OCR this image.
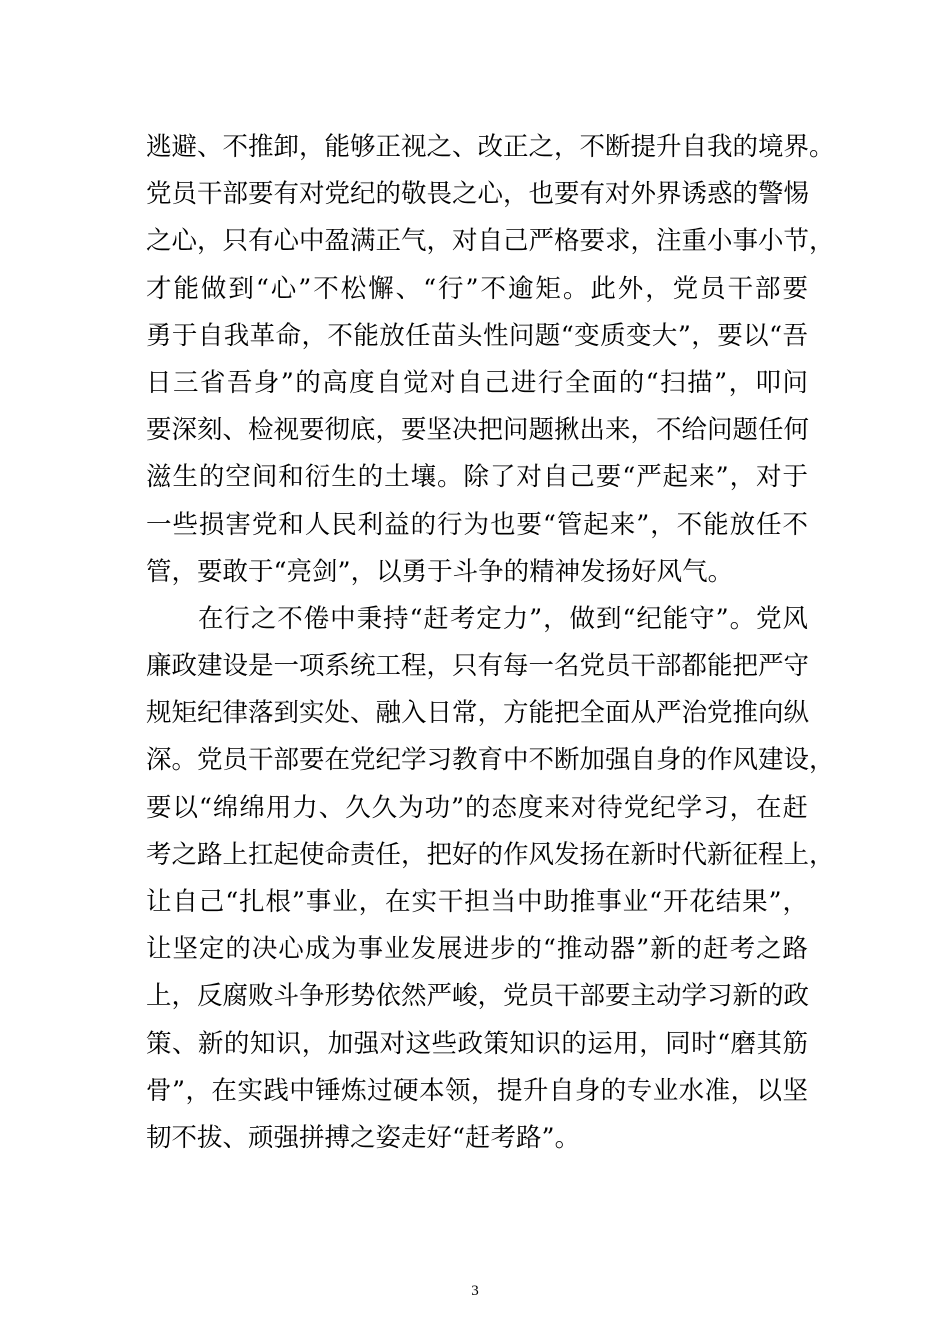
逃避、不推卸，能够正视之、改正之，不断提升自我的境界。
党员干部要有对党纪的敬畏之心，也要有对外界诱惑的警惕
之心，只有心中盈满正气，对自己严格要求，注重小事小节，
才能做到“心”不松懈、“行”不逾矩。此外，党员干部要
勇于自我革命，不能放任苗头性问题“变质变大”，要以“吾
日三省吾身”的高度自觉对自己进行全面的“扫描”，叩问
要深刻、检视要彻底，要坚决把问题揪出来，不给问题任何
滋生的空间和衍生的土壤。除了对自己要“严起来”，对于
一些损害党和人民利益的行为也要“管起来”，不能放任不
管，要敢于“亮剑”，以勇于斗争的精神发扬好风气。
在行之不倦中秉持“赶考定力”，做到“纪能守”。党风
廉政建设是一项系统工程，只有每一名党员干部都能把严守
规矩纪律落到实处、融入日常，方能把全面从严治党推向纵
深。党员干部要在党纪学习教育中不断加强自身的作风建设，
要以“绵绵用力、久久为功”的态度来对待党纪学习，在赶
考之路上扛起使命责任，把好的作风发扬在新时代新征程上，
让自己“扎根”事业，在实干担当中助推事业“开花结果”，
让坚定的决心成为事业发展进步的“推动器”新的赶考之路
上，反腐败斗争形势依然严峻，党员干部要主动学习新的政
策、新的知识，加强对这些政策知识的运用，同时“磨其筋
骨”，在实践中锤炼过硬本领，提升自身的专业水准，以坚
韧不拔、顽强拼搏之姿走好“赶考路”。
3
